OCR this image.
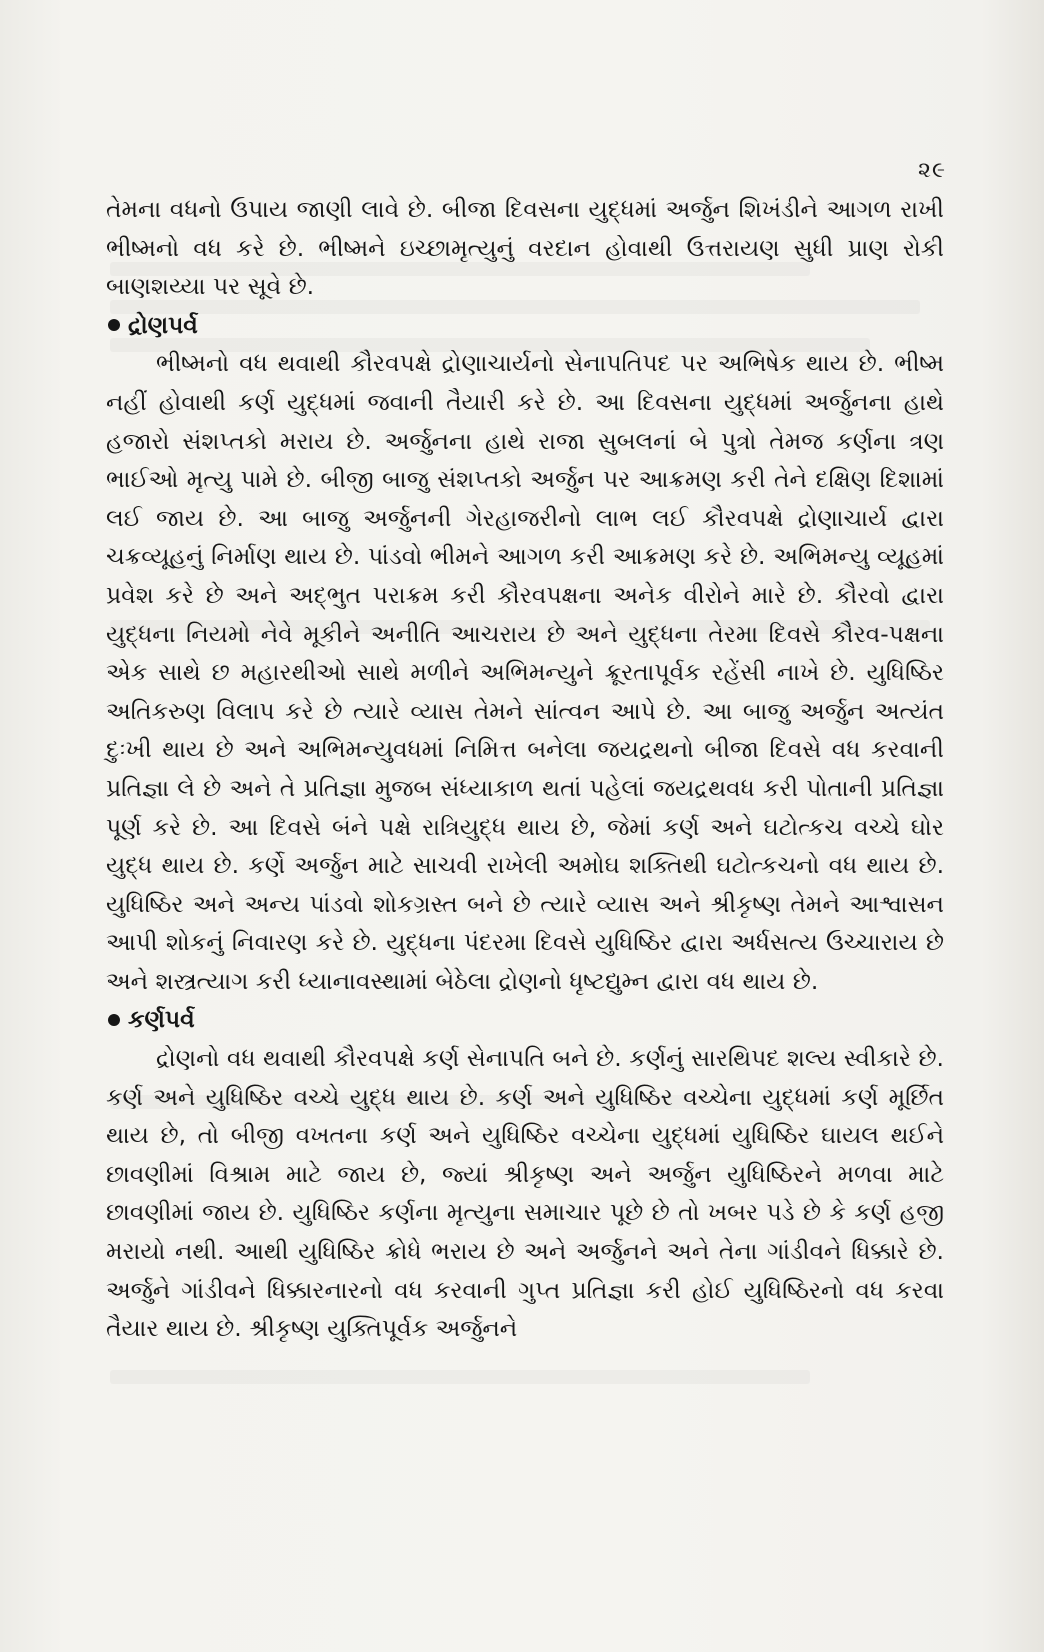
૨૯

તેમના વધનો ઉપાય જાણી લાવે છે. બીજા દિવસના યુદ્ધમાં અર્જુન શિખંડીને આગળ રાખી ભીષ્મનો વધ કરે છે. ભીષ્મને ઇચ્છામૃત્યુનું વરદાન હોવાથી ઉત્તરાયણ સુધી પ્રાણ રોકી બાણશય્યા પર સૂવે છે.

દ્રોણપર્વ

ભીષ્મનો વધ થવાથી કૌરવપક્ષે દ્રોણાચાર્યનો સેનાપતિપદ પર અભિષેક થાય છે. ભીષ્મ નહીં હોવાથી કર્ણ યુદ્ધમાં જવાની તૈયારી કરે છે. આ દિવસના યુદ્ધમાં અર્જુનના હાથે હજારો સંશપ્તકો મરાય છે. અર્જુનના હાથે રાજા સુબલનાં બે પુત્રો તેમજ કર્ણના ત્રણ ભાઈઓ મૃત્યુ પામે છે. બીજી બાજુ સંશપ્તકો અર્જુન પર આક્રમણ કરી તેને દક્ષિણ દિશામાં લઈ જાય છે. આ બાજુ અર્જુનની ગેરહાજરીનો લાભ લઈ કૌરવપક્ષે દ્રોણાચાર્ય દ્વારા ચક્રવ્યૂહનું નિર્માણ થાય છે. પાંડવો ભીમને આગળ કરી આક્રમણ કરે છે. અભિમન્યુ વ્યૂહમાં પ્રવેશ કરે છે અને અદ્ભુત પરાક્રમ કરી કૌરવપક્ષના અનેક વીરોને મારે છે. કૌરવો દ્વારા યુદ્ધના નિયમો નેવે મૂકીને અનીતિ આચરાય છે અને યુદ્ધના તેરમા દિવસે કૌરવ-પક્ષના એક સાથે છ મહારથીઓ સાથે મળીને અભિમન્યુને ક્રૂરતાપૂર્વક રહેંસી નાખે છે. યુધિષ્ઠિર અતિકરુણ વિલાપ કરે છે ત્યારે વ્યાસ તેમને સાંત્વન આપે છે. આ બાજુ અર્જુન અત્યંત દુઃખી થાય છે અને અભિમન્યુવધમાં નિમિત્ત બનેલા જયદ્રથનો બીજા દિવસે વધ કરવાની પ્રતિજ્ઞા લે છે અને તે પ્રતિજ્ઞા મુજબ સંધ્યાકાળ થતાં પહેલાં જયદ્રથવધ કરી પોતાની પ્રતિજ્ઞા પૂર્ણ કરે છે. આ દિવસે બંને પક્ષે રાત્રિયુદ્ધ થાય છે, જેમાં કર્ણ અને ઘટોત્કચ વચ્ચે ઘોર યુદ્ધ થાય છે. કર્ણે અર્જુન માટે સાચવી રાખેલી અમોઘ શક્તિથી ઘટોત્કચનો વધ થાય છે. યુધિષ્ઠિર અને અન્ય પાંડવો શોકગ્રસ્ત બને છે ત્યારે વ્યાસ અને શ્રીકૃષ્ણ તેમને આશ્વાસન આપી શોકનું નિવારણ કરે છે. યુદ્ધના પંદરમા દિવસે યુધિષ્ઠિર દ્વારા અર્ધસત્ય ઉચ્ચારાય છે અને શસ્ત્રત્યાગ કરી ધ્યાનાવસ્થામાં બેઠેલા દ્રોણનો ધૃષ્ટદ્યુમ્ન દ્વારા વધ થાય છે.

કર્ણપર્વ

દ્રોણનો વધ થવાથી કૌરવપક્ષે કર્ણ સેનાપતિ બને છે. કર્ણનું સારથિપદ શલ્ય સ્વીકારે છે. કર્ણ અને યુધિષ્ઠિર વચ્ચે યુદ્ધ થાય છે. કર્ણ અને યુધિષ્ઠિર વચ્ચેના યુદ્ધમાં કર્ણ મૂર્છિત થાય છે, તો બીજી વખતના કર્ણ અને યુધિષ્ઠિર વચ્ચેના યુદ્ધમાં યુધિષ્ઠિર ઘાયલ થઈને છાવણીમાં વિશ્રામ માટે જાય છે, જ્યાં શ્રીકૃષ્ણ અને અર્જુન યુધિષ્ઠિરને મળવા માટે છાવણીમાં જાય છે. યુધિષ્ઠિર કર્ણના મૃત્યુના સમાચાર પૂછે છે તો ખબર પડે છે કે કર્ણ હજી મરાયો નથી. આથી યુધિષ્ઠિર ક્રોધે ભરાય છે અને અર્જુનને અને તેના ગાંડીવને ધિક્કારે છે. અર્જુને ગાંડીવને ધિક્કારનારનો વધ કરવાની ગુપ્ત પ્રતિજ્ઞા કરી હોઈ યુધિષ્ઠિરનો વધ કરવા તૈયાર થાય છે. શ્રીકૃષ્ણ યુક્તિપૂર્વક અર્જુનને
